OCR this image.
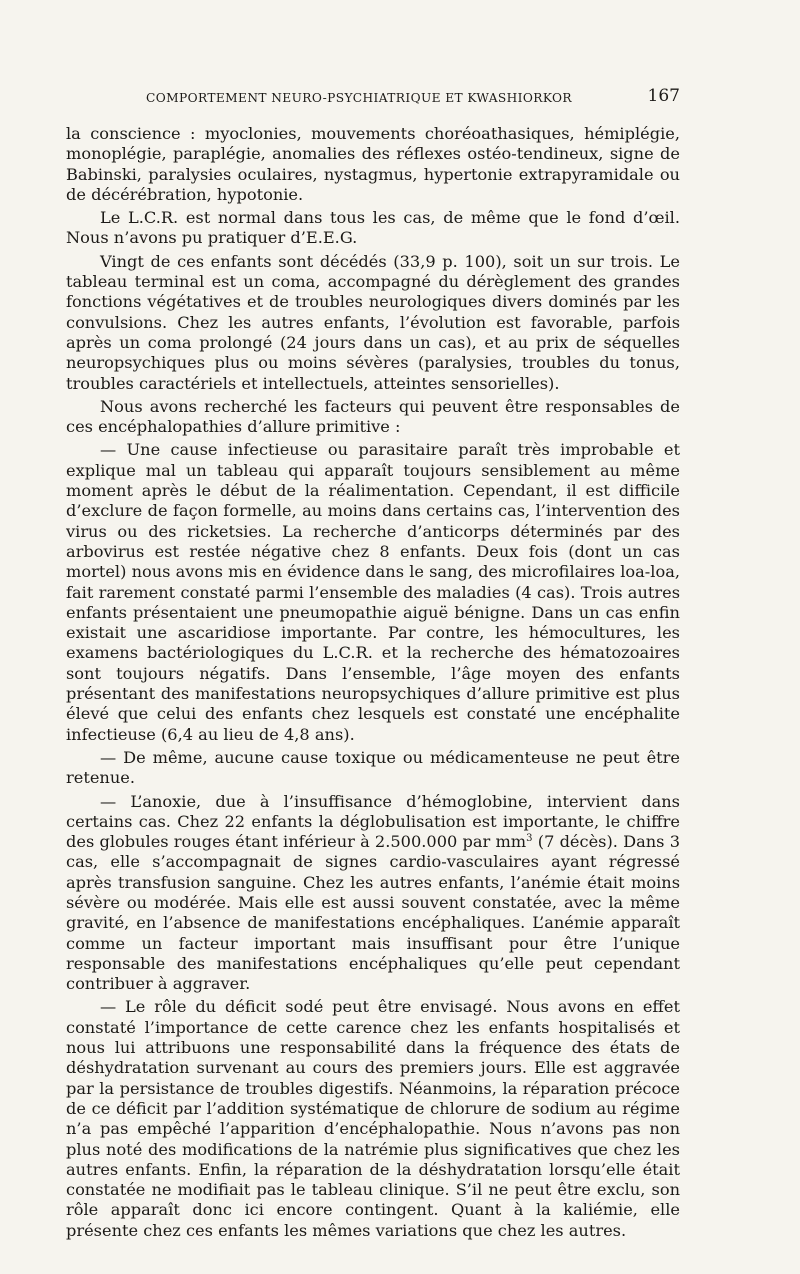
COMPORTEMENT NEURO-PSYCHIATRIQUE ET KWASHIORKOR	167

la conscience : myoclonies, mouvements choréoathasiques, hémiplégie, monoplégie, paraplégie, anomalies des réflexes ostéo-tendineux, signe de Babinski, paralysies oculaires, nystagmus, hypertonie extrapyramidale ou de décérébration, hypotonie.

Le L.C.R. est normal dans tous les cas, de même que le fond d’œil. Nous n’avons pu pratiquer d’E.E.G.

Vingt de ces enfants sont décédés (33,9 p. 100), soit un sur trois. Le tableau terminal est un coma, accompagné du dérèglement des grandes fonctions végétatives et de troubles neurologiques divers dominés par les convulsions. Chez les autres enfants, l’évolution est favorable, parfois après un coma prolongé (24 jours dans un cas), et au prix de séquelles neuropsychiques plus ou moins sévères (paralysies, troubles du tonus, troubles caractériels et intellectuels, atteintes sensorielles).

Nous avons recherché les facteurs qui peuvent être responsables de ces encéphalopathies d’allure primitive :

— Une cause infectieuse ou parasitaire paraît très improbable et explique mal un tableau qui apparaît toujours sensiblement au même moment après le début de la réalimentation. Cependant, il est difficile d’exclure de façon formelle, au moins dans certains cas, l’intervention des virus ou des ricketsies. La recherche d’anticorps déterminés par des arbovirus est restée négative chez 8 enfants. Deux fois (dont un cas mortel) nous avons mis en évidence dans le sang, des microfilaires loa-loa, fait rarement constaté parmi l’ensemble des maladies (4 cas). Trois autres enfants présentaient une pneumopathie aiguë bénigne. Dans un cas enfin existait une ascaridiose importante. Par contre, les hémocultures, les examens bactériologiques du L.C.R. et la recherche des hématozoaires sont toujours négatifs. Dans l’ensemble, l’âge moyen des enfants présentant des manifestations neuropsychiques d’allure primitive est plus élevé que celui des enfants chez lesquels est constaté une encéphalite infectieuse (6,4 au lieu de 4,8 ans).

— De même, aucune cause toxique ou médicamenteuse ne peut être retenue.

— L’anoxie, due à l’insuffisance d’hémoglobine, intervient dans certains cas. Chez 22 enfants la déglobulisation est importante, le chiffre des globules rouges étant inférieur à 2.500.000 par $mm^3$ (7 décès). Dans 3 cas, elle s’accompagnait de signes cardio-vasculaires ayant régressé après transfusion sanguine. Chez les autres enfants, l’anémie était moins sévère ou modérée. Mais elle est aussi souvent constatée, avec la même gravité, en l’absence de manifestations encéphaliques. L’anémie apparaît comme un facteur important mais insuffisant pour être l’unique responsable des manifestations encéphaliques qu’elle peut cependant contribuer à aggraver.

— Le rôle du déficit sodé peut être envisagé. Nous avons en effet constaté l’importance de cette carence chez les enfants hospitalisés et nous lui attribuons une responsabilité dans la fréquence des états de déshydratation survenant au cours des premiers jours. Elle est aggravée par la persistance de troubles digestifs. Néanmoins, la réparation précoce de ce déficit par l’addition systématique de chlorure de sodium au régime n’a pas empêché l’apparition d’encéphalopathie. Nous n’avons pas non plus noté des modifications de la natrémie plus significatives que chez les autres enfants. Enfin, la réparation de la déshydratation lorsqu’elle était constatée ne modifiait pas le tableau clinique. S’il ne peut être exclu, son rôle apparaît donc ici encore contingent. Quant à la kaliémie, elle présente chez ces enfants les mêmes variations que chez les autres.
